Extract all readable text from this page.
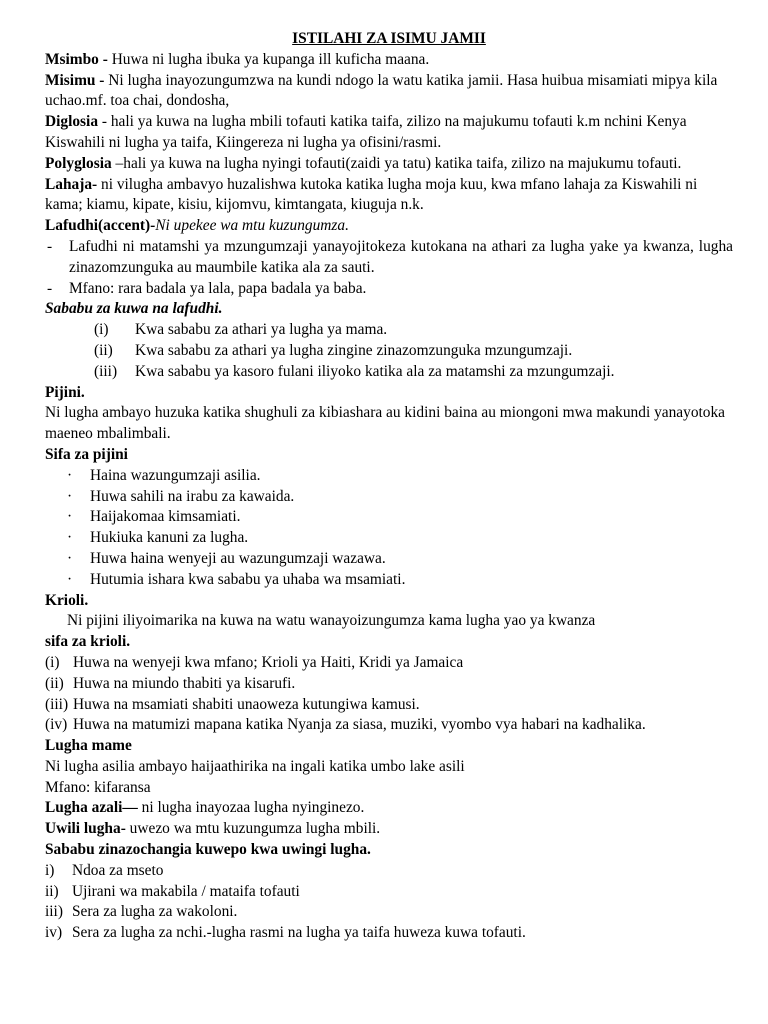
ISTILAHI ZA ISIMU JAMII

Msimbo - Huwa ni lugha ibuka ya kupanga ill kuficha maana.

Misimu - Ni lugha inayozungumzwa na kundi ndogo la watu katika jamii. Hasa huibua misamiati mipya kila uchao.mf. toa chai, dondosha,

Diglosia - hali ya kuwa na lugha mbili tofauti katika taifa, zilizo na majukumu tofauti k.m nchini Kenya Kiswahili ni lugha ya taifa, Kiingereza ni lugha ya ofisini/rasmi.

Polyglosia –hali ya kuwa na lugha nyingi tofauti(zaidi ya tatu) katika taifa, zilizo na majukumu tofauti.

Lahaja- ni vilugha ambavyo huzalishwa kutoka katika lugha moja kuu, kwa mfano lahaja za Kiswahili ni kama; kiamu, kipate, kisiu, kijomvu, kimtangata, kiuguja n.k.

Lafudhi(accent)-Ni upekee wa mtu kuzungumza.

-	Lafudhi ni matamshi ya mzungumzaji yanayojitokeza kutokana na athari za lugha yake ya kwanza, lugha zinazomzunguka au maumbile katika ala za sauti.
-	Mfano: rara badala ya lala, papa badala ya baba.

Sababu za kuwa na lafudhi.

(i)	Kwa sababu za athari ya lugha ya mama.
(ii)	Kwa sababu za athari ya lugha zingine zinazomzunguka mzungumzaji.
(iii)	Kwa sababu ya kasoro fulani iliyoko katika ala za matamshi za mzungumzaji.

Pijini.

Ni lugha ambayo huzuka katika shughuli za kibiashara au kidini baina au miongoni mwa makundi yanayotoka maeneo mbalimbali.

Sifa za pijini

·	Haina wazungumzaji asilia.
·	Huwa sahili na irabu za kawaida.
·	Haijakomaa kimsamiati.
·	Hukiuka kanuni za lugha.
·	Huwa haina wenyeji au wazungumzaji wazawa.
·	Hutumia ishara kwa sababu ya uhaba wa msamiati.

Krioli.

Ni pijini iliyoimarika na kuwa na watu wanayoizungumza kama lugha yao ya kwanza

sifa za krioli.

(i) Huwa na wenyeji kwa mfano; Krioli ya Haiti, Kridi ya Jamaica
(ii) Huwa na miundo thabiti ya kisarufi.
(iii) Huwa na msamiati shabiti unaoweza kutungiwa kamusi.
(iv) Huwa na matumizi mapana katika Nyanja za siasa, muziki, vyombo vya habari na kadhalika.

Lugha mame

Ni lugha asilia ambayo haijaathirika na ingali katika umbo lake asili

Mfano: kifaransa

Lugha azali— ni lugha inayozaa lugha nyinginezo.

Uwili lugha- uwezo wa mtu kuzungumza lugha mbili.

Sababu zinazochangia kuwepo kwa uwingi lugha.

i)	Ndoa za mseto
ii) Ujirani wa makabila / mataifa tofauti
iii) Sera za lugha za wakoloni.
iv) Sera za lugha za nchi.-lugha rasmi na lugha ya taifa huweza kuwa tofauti.
